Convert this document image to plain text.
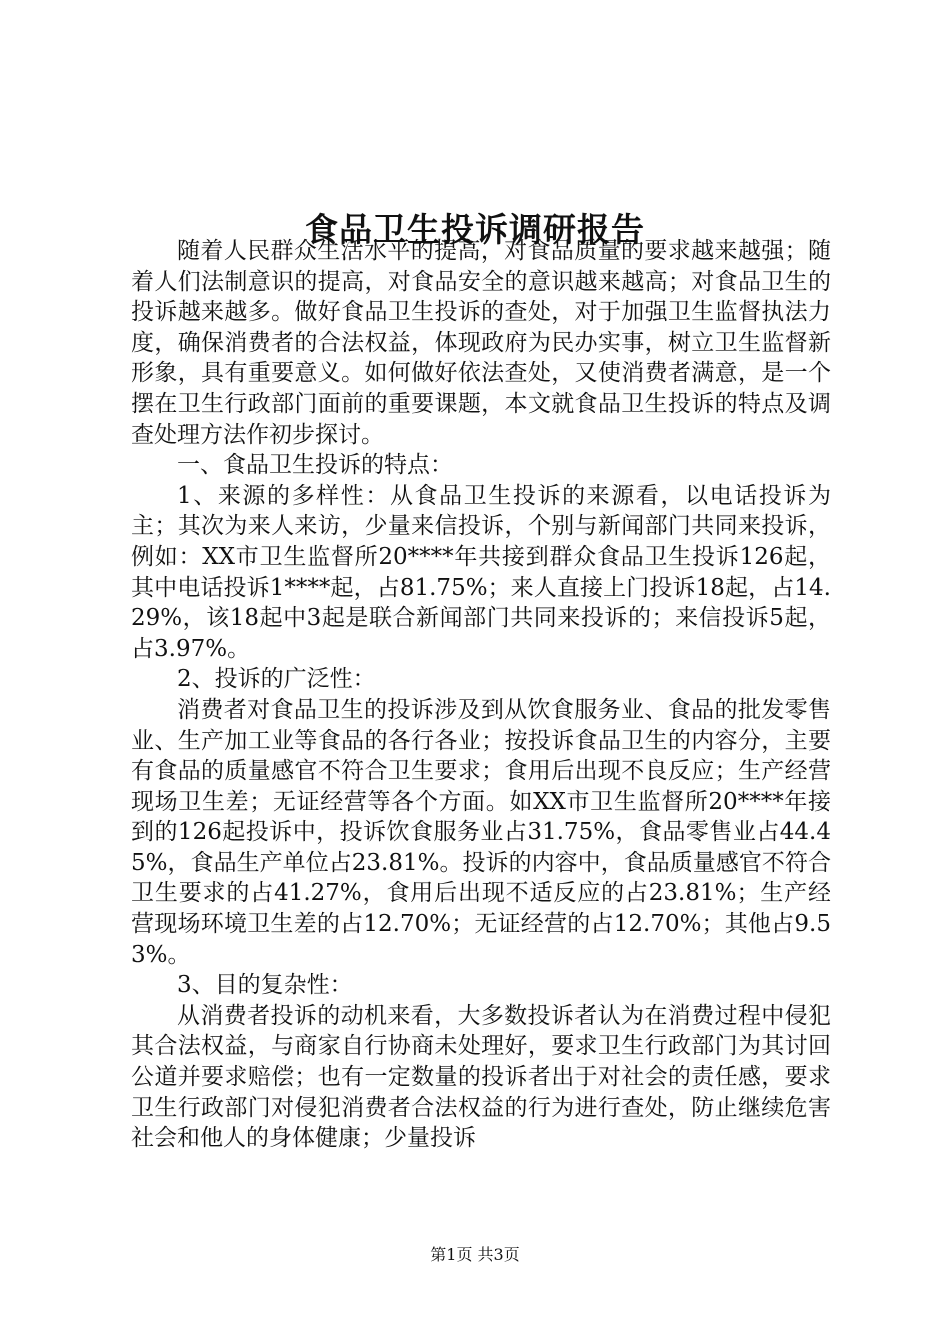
食品卫生投诉调研报告

随着人民群众生活水平的提高，对食品质量的要求越来越强；随着人们法制意识的提高，对食品安全的意识越来越高；对食品卫生的投诉越来越多。做好食品卫生投诉的查处，对于加强卫生监督执法力度，确保消费者的合法权益，体现政府为民办实事，树立卫生监督新形象，具有重要意义。如何做好依法查处，又使消费者满意，是一个摆在卫生行政部门面前的重要课题，本文就食品卫生投诉的特点及调查处理方法作初步探讨。

一、食品卫生投诉的特点：

1、来源的多样性：从食品卫生投诉的来源看，以电话投诉为主；其次为来人来访，少量来信投诉，个别与新闻部门共同来投诉，例如：XX市卫生监督所20****年共接到群众食品卫生投诉126起，其中电话投诉1****起，占81.75%；来人直接上门投诉18起，占14.29%，该18起中3起是联合新闻部门共同来投诉的；来信投诉5起，占3.97%。

2、投诉的广泛性：

消费者对食品卫生的投诉涉及到从饮食服务业、食品的批发零售业、生产加工业等食品的各行各业；按投诉食品卫生的内容分，主要有食品的质量感官不符合卫生要求；食用后出现不良反应；生产经营现场卫生差；无证经营等各个方面。如XX市卫生监督所20****年接到的126起投诉中，投诉饮食服务业占31.75%，食品零售业占44.45%，食品生产单位占23.81%。投诉的内容中，食品质量感官不符合卫生要求的占41.27%，食用后出现不适反应的占23.81%；生产经营现场环境卫生差的占12.70%；无证经营的占12.70%；其他占9.53%。

3、目的复杂性：

从消费者投诉的动机来看，大多数投诉者认为在消费过程中侵犯其合法权益，与商家自行协商未处理好，要求卫生行政部门为其讨回公道并要求赔偿；也有一定数量的投诉者出于对社会的责任感，要求卫生行政部门对侵犯消费者合法权益的行为进行查处，防止继续危害社会和他人的身体健康；少量投诉

第1页 共3页
